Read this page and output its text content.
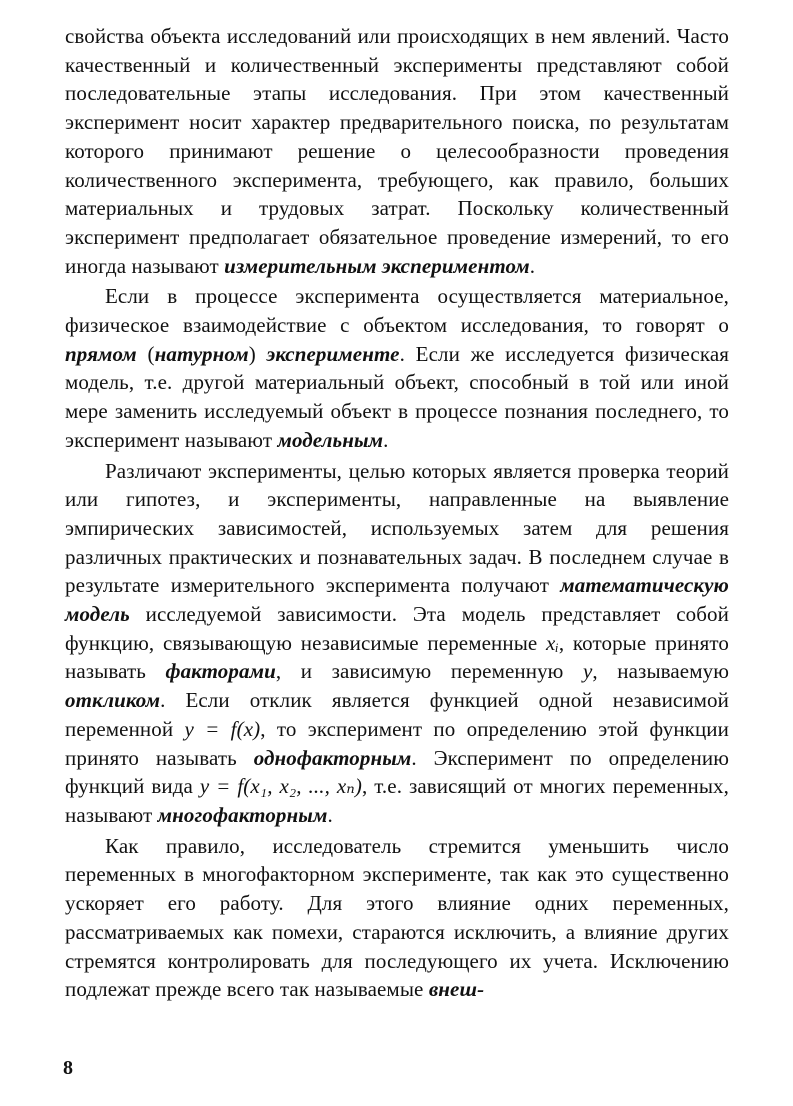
свойства объекта исследований или происходящих в нем явлений. Часто качественный и количественный эксперименты представляют собой последовательные этапы исследования. При этом качественный эксперимент носит характер предварительного поиска, по результатам которого принимают решение о целесообразности проведения количественного эксперимента, требующего, как правило, больших материальных и трудовых затрат. Поскольку количественный эксперимент предполагает обязательное проведение измерений, то его иногда называют измерительным экспериментом.

Если в процессе эксперимента осуществляется материальное, физическое взаимодействие с объектом исследования, то говорят о прямом (натурном) эксперименте. Если же исследуется физическая модель, т.е. другой материальный объект, способный в той или иной мере заменить исследуемый объект в процессе познания последнего, то эксперимент называют модельным.

Различают эксперименты, целью которых является проверка теорий или гипотез, и эксперименты, направленные на выявление эмпирических зависимостей, используемых затем для решения различных практических и познавательных задач. В последнем случае в результате измерительного эксперимента получают математическую модель исследуемой зависимости. Эта модель представляет собой функцию, связывающую независимые переменные xᵢ, которые принято называть факторами, и зависимую переменную y, называемую откликом. Если отклик является функцией одной независимой переменной y = f(x), то эксперимент по определению этой функции принято называть однофакторным. Эксперимент по определению функций вида y = f(x₁, x₂, ..., xₙ), т.е. зависящий от многих переменных, называют многофакторным.

Как правило, исследователь стремится уменьшить число переменных в многофакторном эксперименте, так как это существенно ускоряет его работу. Для этого влияние одних переменных, рассматриваемых как помехи, стараются исключить, а влияние других стремятся контролировать для последующего их учета. Исключению подлежат прежде всего так называемые внеш-

8
